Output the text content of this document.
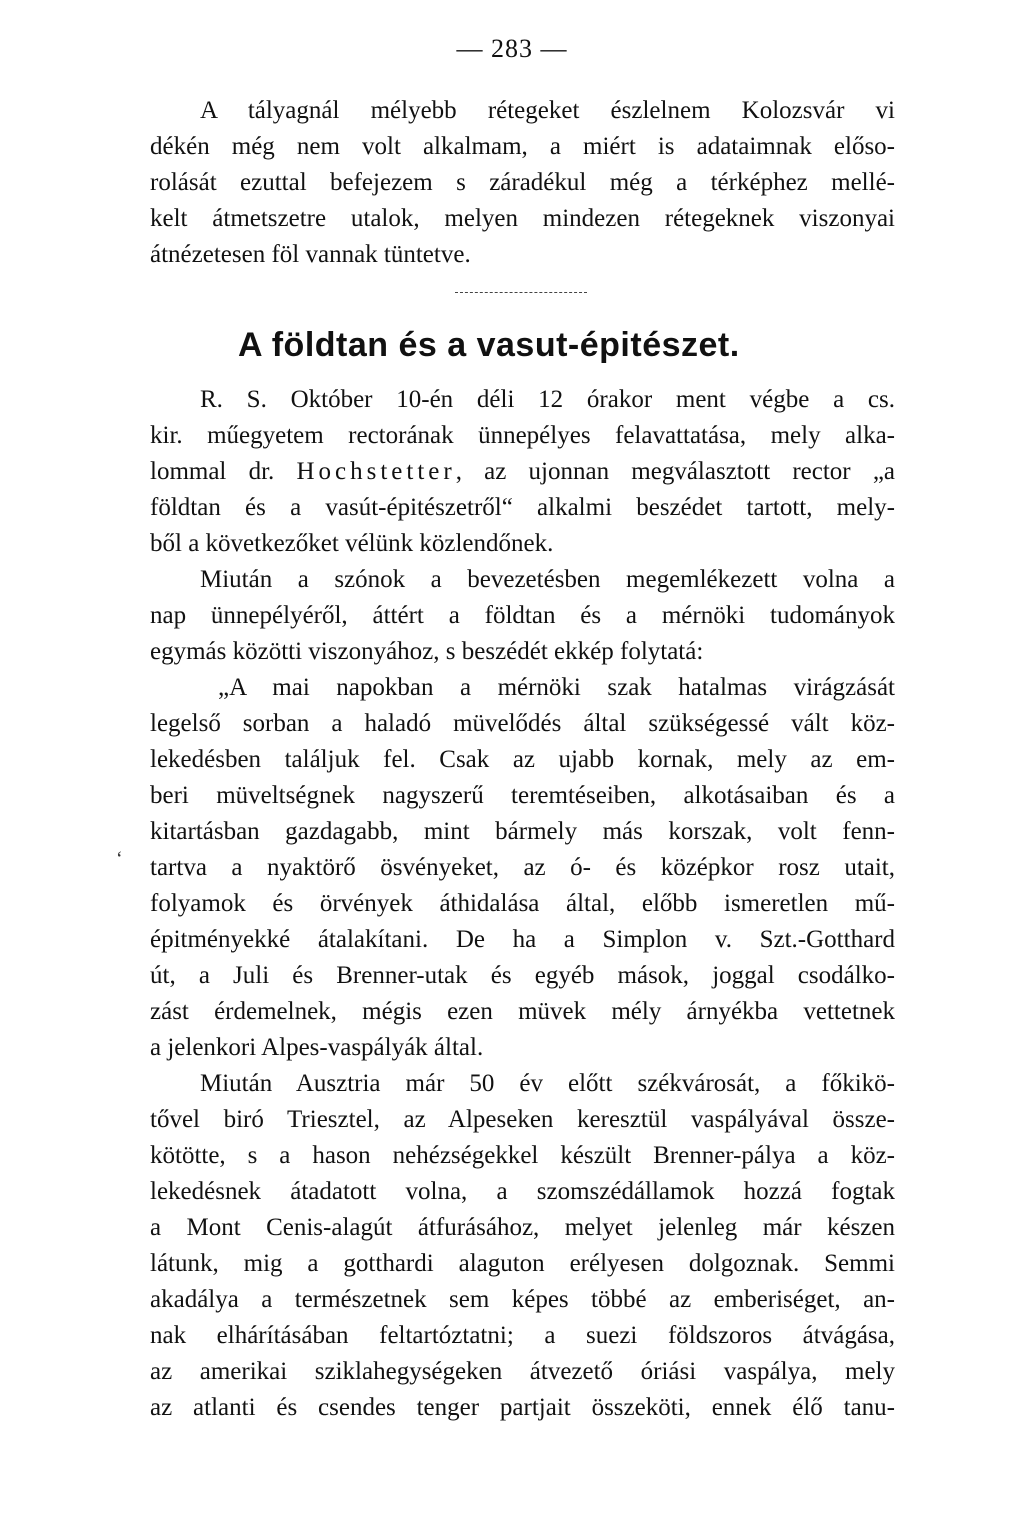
— 283 —
A tályagnál mélyebb rétegeket észlelnem Kolozsvár vi
dékén még nem volt alkalmam, a miért is adataimnak előso-
rolását ezuttal befejezem s záradékul még a térképhez mellé-
kelt átmetszetre utalok, melyen mindezen rétegeknek viszonyai
átnézetesen föl vannak tüntetve.
A földtan és a vasut-épitészet.
R. S. Október 10-én déli 12 órakor ment végbe a cs.
kir. műegyetem rectorának ünnepélyes felavattatása, mely alka-
lommal dr. Hochstetter, az ujonnan megválasztott rector „a
földtan és a vasút-épitészetről“ alkalmi beszédet tartott, mely-
ből a következőket vélünk közlendőnek.
Miután a szónok a bevezetésben megemlékezett volna a
nap ünnepélyéről, áttért a földtan és a mérnöki tudományok
egymás közötti viszonyához, s beszédét ekkép folytatá:
„A mai napokban a mérnöki szak hatalmas virágzását
legelső sorban a haladó müvelődés által szükségessé vált köz-
lekedésben találjuk fel. Csak az ujabb kornak, mely az em-
beri müveltségnek nagyszerű teremtéseiben, alkotásaiban és a
kitartásban gazdagabb, mint bármely más korszak, volt fenn-
tartva a nyaktörő ösvényeket, az ó- és középkor rosz utait,
folyamok és örvények áthidalása által, előbb ismeretlen mű-
épitményekké átalakítani. De ha a Simplon v. Szt.-Gotthard
út, a Juli és Brenner-utak és egyéb mások, joggal csodálko-
zást érdemelnek, mégis ezen müvek mély árnyékba vettetnek
a jelenkori Alpes-vaspályák által.
Miután Ausztria már 50 év előtt székvárosát, a főkikö-
tővel biró Triesztel, az Alpeseken keresztül vaspályával össze-
kötötte, s a hason nehézségekkel készült Brenner-pálya a köz-
lekedésnek átadatott volna, a szomszédállamok hozzá fogtak
a Mont Cenis-alagút átfurásához, melyet jelenleg már készen
látunk, mig a gotthardi alaguton erélyesen dolgoznak. Semmi
akadálya a természetnek sem képes többé az emberiséget, an-
nak elhárításában feltartóztatni; a suezi földszoros átvágása,
az amerikai sziklahegységeken átvezető óriási vaspálya, mely
az atlanti és csendes tenger partjait összeköti, ennek élő tanu-
‘
